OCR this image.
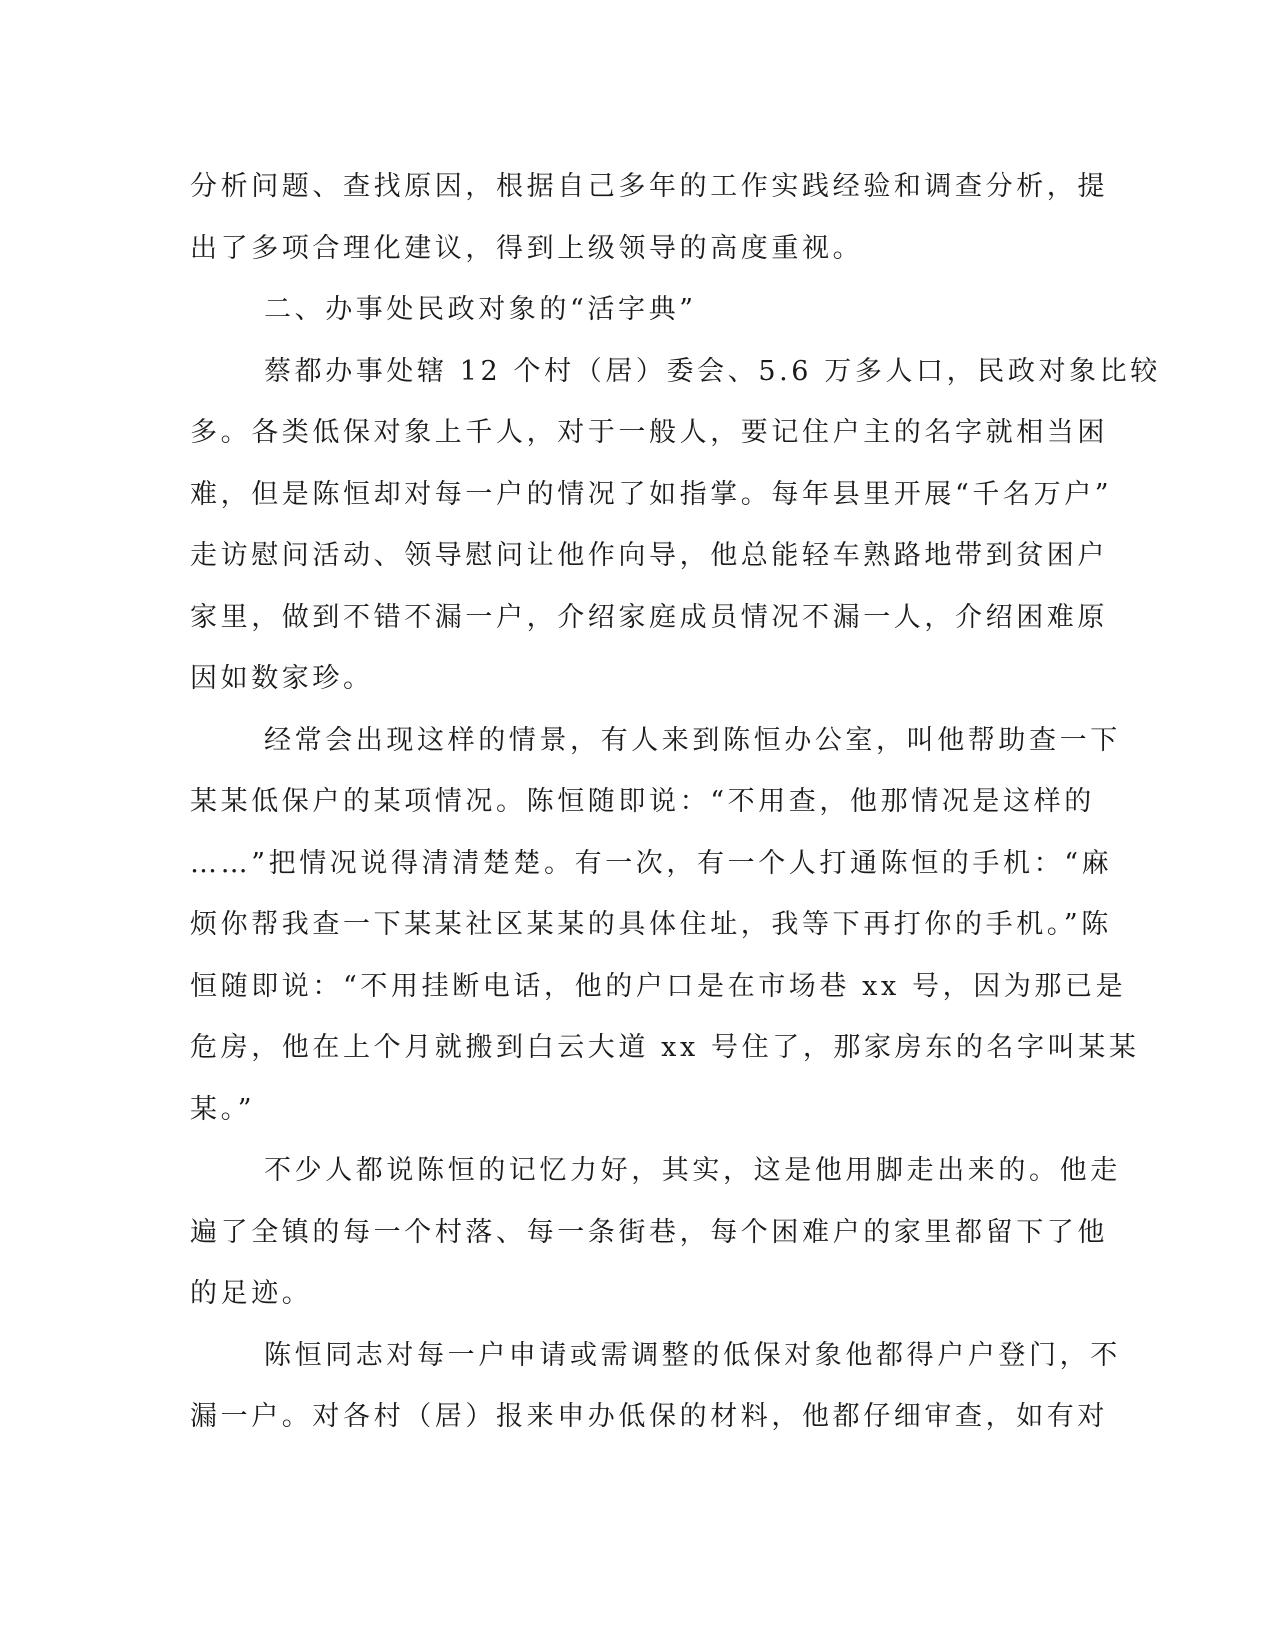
分析问题、查找原因，根据自己多年的工作实践经验和调查分析，提
出了多项合理化建议，得到上级领导的高度重视。
二、办事处民政对象的“活字典”
蔡都办事处辖 12 个村（居）委会、5.6 万多人口，民政对象比较
多。各类低保对象上千人，对于一般人，要记住户主的名字就相当困
难，但是陈恒却对每一户的情况了如指掌。每年县里开展“千名万户”
走访慰问活动、领导慰问让他作向导，他总能轻车熟路地带到贫困户
家里，做到不错不漏一户，介绍家庭成员情况不漏一人，介绍困难原
因如数家珍。
经常会出现这样的情景，有人来到陈恒办公室，叫他帮助查一下
某某低保户的某项情况。陈恒随即说：“不用查，他那情况是这样的
……”把情况说得清清楚楚。有一次，有一个人打通陈恒的手机：“麻
烦你帮我查一下某某社区某某的具体住址，我等下再打你的手机。”陈
恒随即说：“不用挂断电话，他的户口是在市场巷 xx 号，因为那已是
危房，他在上个月就搬到白云大道 xx 号住了，那家房东的名字叫某某
某。”
不少人都说陈恒的记忆力好，其实，这是他用脚走出来的。他走
遍了全镇的每一个村落、每一条街巷，每个困难户的家里都留下了他
的足迹。
陈恒同志对每一户申请或需调整的低保对象他都得户户登门，不
漏一户。对各村（居）报来申办低保的材料，他都仔细审查，如有对
